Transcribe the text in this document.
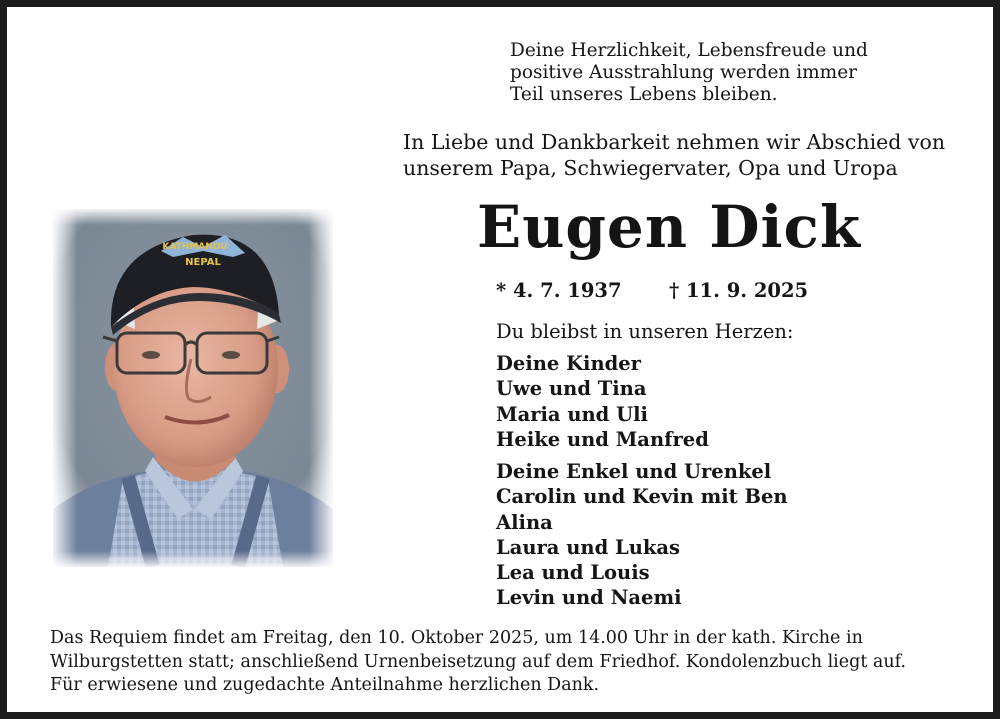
Deine Herzlichkeit, Lebensfreude und
positive Ausstrahlung werden immer
Teil unseres Lebens bleiben.
In Liebe und Dankbarkeit nehmen wir Abschied von
unserem Papa, Schwiegervater, Opa und Uropa
KATHMANDU
NEPAL
Eugen Dick
* 4. 7. 1937 † 11. 9. 2025
Du bleibst in unseren Herzen:
Deine Kinder
Uwe und Tina
Maria und Uli
Heike und Manfred
Deine Enkel und Urenkel
Carolin und Kevin mit Ben
Alina
Laura und Lukas
Lea und Louis
Levin und Naemi
Das Requiem findet am Freitag, den 10. Oktober 2025, um 14.00 Uhr in der kath. Kirche in
Wilburgstetten statt; anschließend Urnenbeisetzung auf dem Friedhof. Kondolenzbuch liegt auf.
Für erwiesene und zugedachte Anteilnahme herzlichen Dank.
